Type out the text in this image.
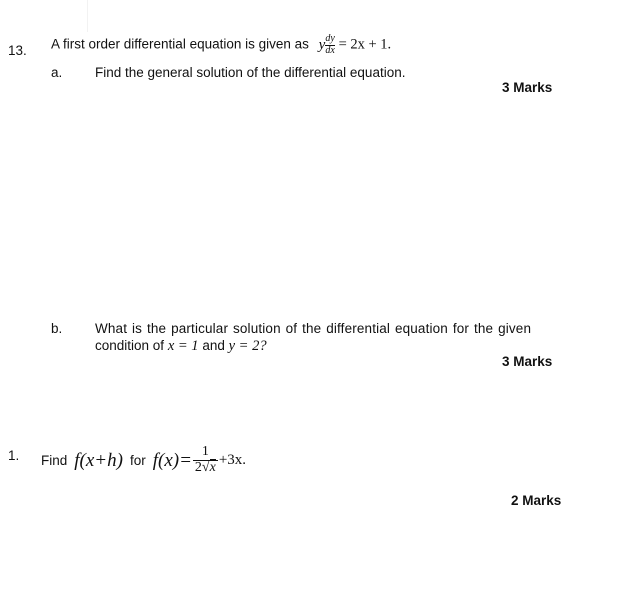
13. A first order differential equation is given as y $\frac{dy}{dx} = 2x + 1$.
a. Find the general solution of the differential equation.
3 Marks
b. What is the particular solution of the differential equation for the given
condition of x = 1 and y = 2?
3 Marks
1. Find f(x+h) for $f(x)= \frac{1}{2√x} +3x$.
2 Marks
